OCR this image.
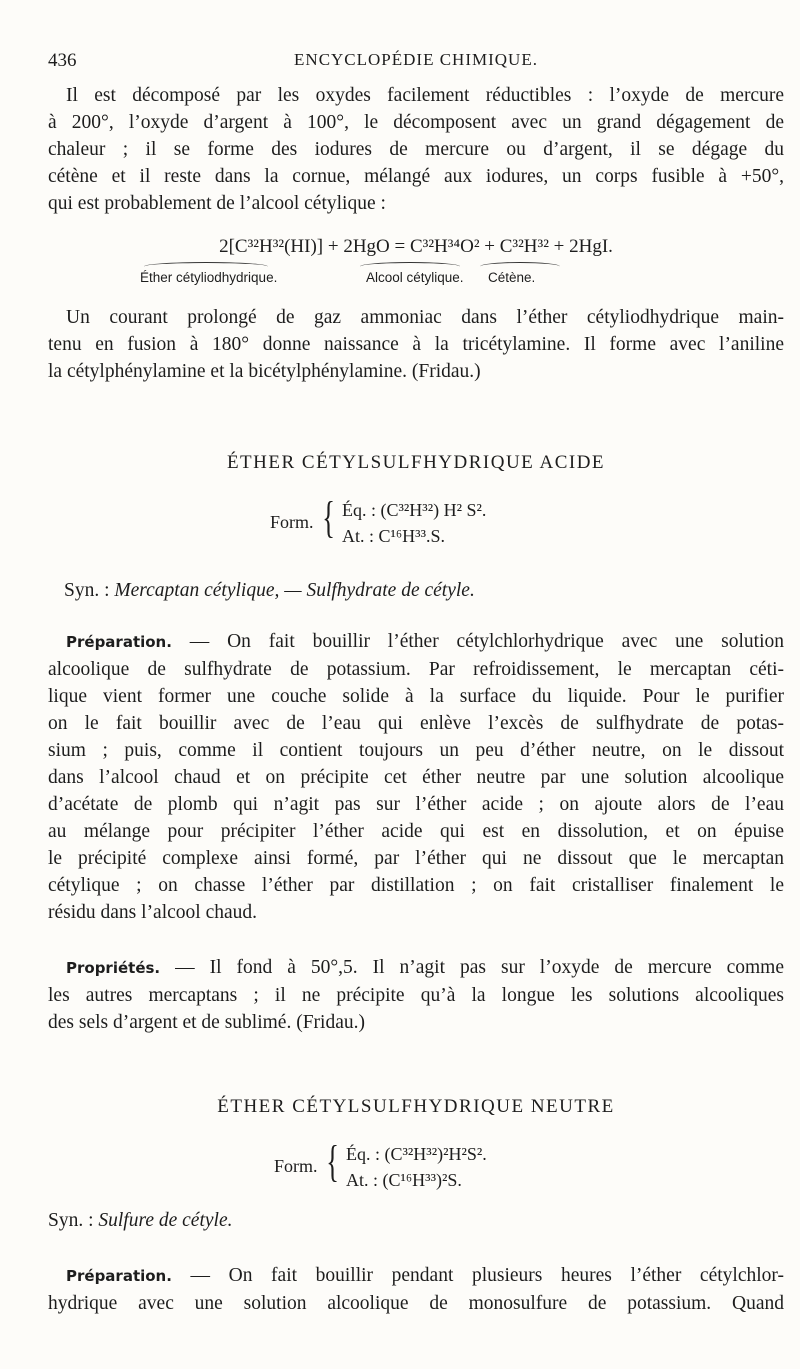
436	ENCYCLOPÉDIE CHIMIQUE.
Il est décomposé par les oxydes facilement réductibles : l’oxyde de mercure
à 200°, l’oxyde d’argent à 100°, le décomposent avec un grand dégagement de
chaleur ; il se forme des iodures de mercure ou d’argent, il se dégage du
cétène et il reste dans la cornue, mélangé aux iodures, un corps fusible à +50°,
qui est probablement de l’alcool cétylique :
2[C³²H³²(HI)] + 2HgO = C³²H³⁴O² + C³²H³² + 2HgI.
Éther cétyliodhydrique.	Alcool cétylique. Cétène.
Un courant prolongé de gaz ammoniac dans l’éther cétyliodhydrique main-
tenu en fusion à 180° donne naissance à la tricétylamine. Il forme avec l’aniline
la cétylphénylamine et la bicétylphénylamine. (Fridau.)
ÉTHER CÉTYLSULFHYDRIQUE ACIDE
Form. { Éq. : (C³²H³²) H² S².
At. : C¹⁶H³³.S.
Syn. : Mercaptan cétylique, — Sulfhydrate de cétyle.
Préparation. — On fait bouillir l’éther cétylchlorhydrique avec une solution
alcoolique de sulfhydrate de potassium. Par refroidissement, le mercaptan céti-
lique vient former une couche solide à la surface du liquide. Pour le purifier
on le fait bouillir avec de l’eau qui enlève l’excès de sulfhydrate de potas-
sium ; puis, comme il contient toujours un peu d’éther neutre, on le dissout
dans l’alcool chaud et on précipite cet éther neutre par une solution alcoolique
d’acétate de plomb qui n’agit pas sur l’éther acide ; on ajoute alors de l’eau
au mélange pour précipiter l’éther acide qui est en dissolution, et on épuise
le précipité complexe ainsi formé, par l’éther qui ne dissout que le mercaptan
cétylique ; on chasse l’éther par distillation ; on fait cristalliser finalement le
résidu dans l’alcool chaud.
Propriétés. — Il fond à 50°,5. Il n’agit pas sur l’oxyde de mercure comme
les autres mercaptans ; il ne précipite qu’à la longue les solutions alcooliques
des sels d’argent et de sublimé. (Fridau.)
ÉTHER CÉTYLSULFHYDRIQUE NEUTRE
Form. { Éq. : (C³²H³²)²H²S².
At. : (C¹⁶H³³)²S.
Syn. : Sulfure de cétyle.
Préparation. — On fait bouillir pendant plusieurs heures l’éther cétylchlor-
hydrique avec une solution alcoolique de monosulfure de potassium. Quand
